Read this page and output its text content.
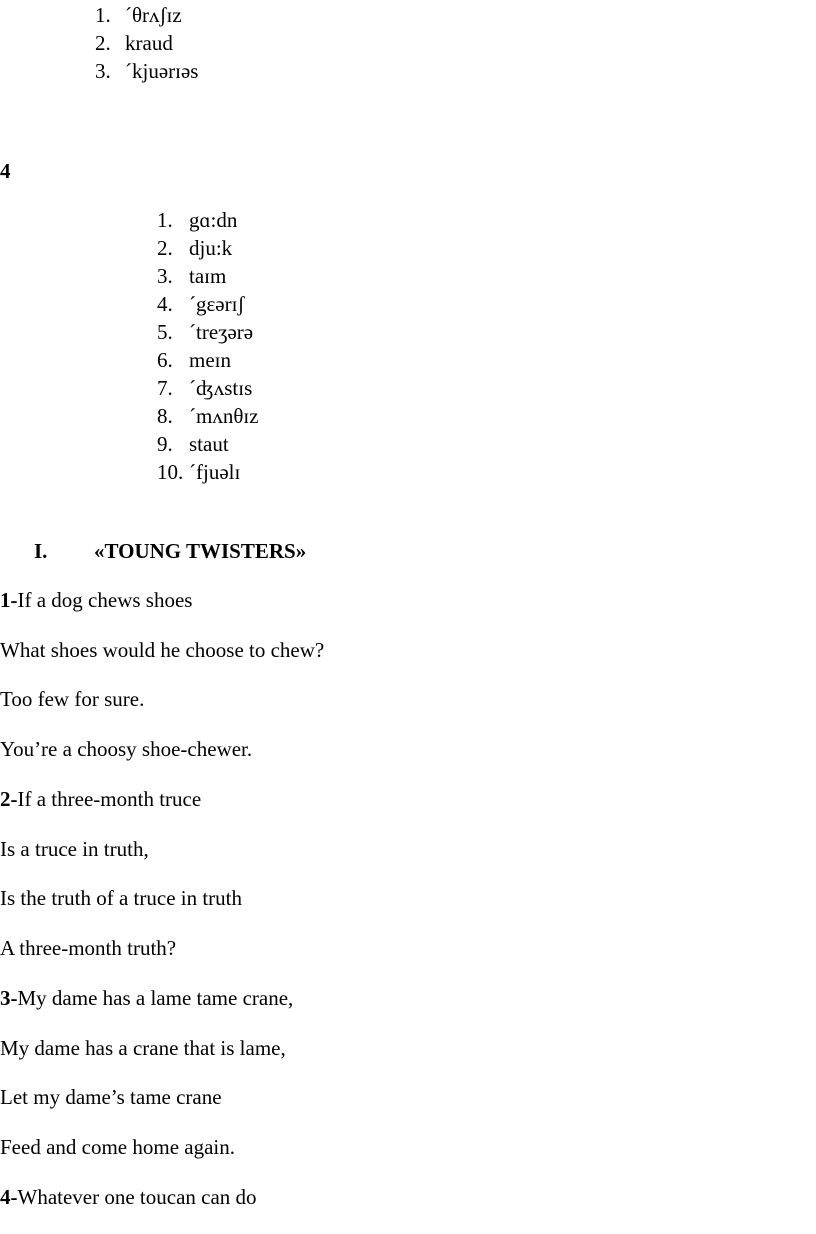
1. ´θrʌʃɪz
2. kraud
3. ´kjuərɪəs
4
1. gɑ:dn
2. dju:k
3. taɪm
4. ´gεərɪʃ
5. ´treʒərə
6. meɪn
7. ´ʤʌstɪs
8. ´mʌnθɪz
9. staut
10. ´fjuəlɪ
I. «TOUNG TWISTERS»
1-If a dog chews shoes
What shoes would he choose to chew?
Too few for sure.
You’re a choosy shoe-chewer.
2-If a three-month truce
Is a truce in truth,
Is the truth of a truce in truth
A three-month truth?
3-My dame has a lame tame crane,
My dame has a crane that is lame,
Let my dame’s tame crane
Feed and come home again.
4-Whatever one toucan can do
